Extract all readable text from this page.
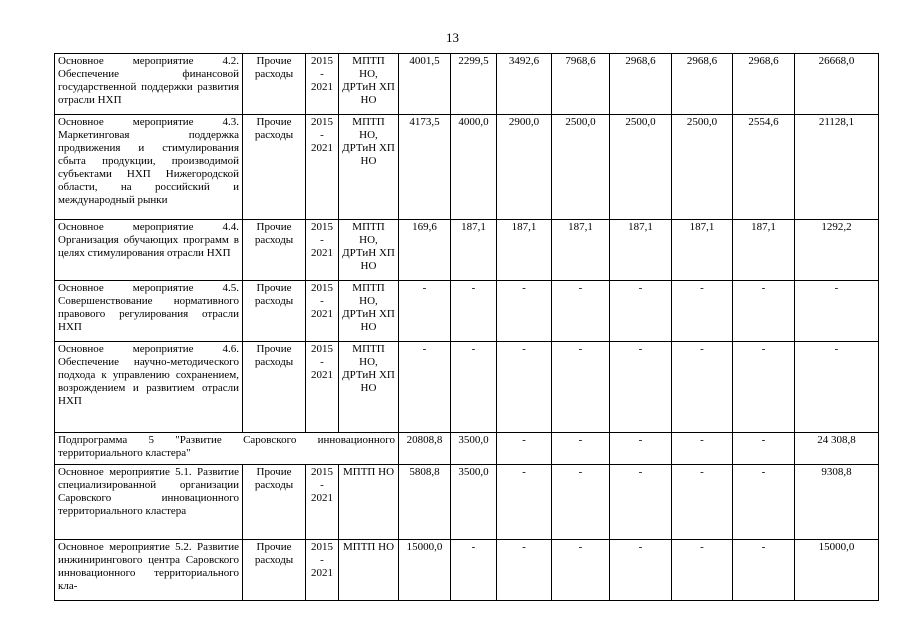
13
Основное мероприятие 4.2. Обеспечение финансовой государственной поддержки развития отрасли НХП	Прочие расходы	2015 - 2021	МПТП НО, ДРТиН ХП НО	4001,5	2299,5	3492,6	7968,6	2968,6	2968,6	2968,6	26668,0
Основное мероприятие 4.3. Маркетинговая поддержка продвижения и стимулирования сбыта продукции, производимой субъектами НХП Нижегородской области, на российский и международный рынки	Прочие расходы	2015 - 2021	МПТП НО, ДРТиН ХП НО	4173,5	4000,0	2900,0	2500,0	2500,0	2500,0	2554,6	21128,1
Основное мероприятие 4.4. Организация обучающих программ в целях стимулирования отрасли НХП	Прочие расходы	2015 - 2021	МПТП НО, ДРТиН ХП НО	169,6	187,1	187,1	187,1	187,1	187,1	187,1	1292,2
Основное мероприятие 4.5. Совершенствование нормативного правового регулирования отрасли НХП	Прочие расходы	2015 - 2021	МПТП НО, ДРТиН ХП НО	-	-	-	-	-	-	-	-
Основное мероприятие 4.6. Обеспечение научно-методического подхода к управлению сохранением, возрождением и развитием отрасли НХП	Прочие расходы	2015 - 2021	МПТП НО, ДРТиН ХП НО	-	-	-	-	-	-	-	-
Подпрограмма 5 "Развитие Саровского инновационного территориального кластера"				20808,8	3500,0	-	-	-	-	-	24 308,8
Основное мероприятие 5.1. Развитие специализированной организации Саровского инновационного территориального кластера	Прочие расходы	2015 - 2021	МПТП НО	5808,8	3500,0	-	-	-	-	-	9308,8
Основное мероприятие 5.2. Развитие инжинирингового центра Саровского инновационного территориального кла-	Прочие расходы	2015 - 2021	МПТП НО	15000,0	-	-	-	-	-	-	15000,0
